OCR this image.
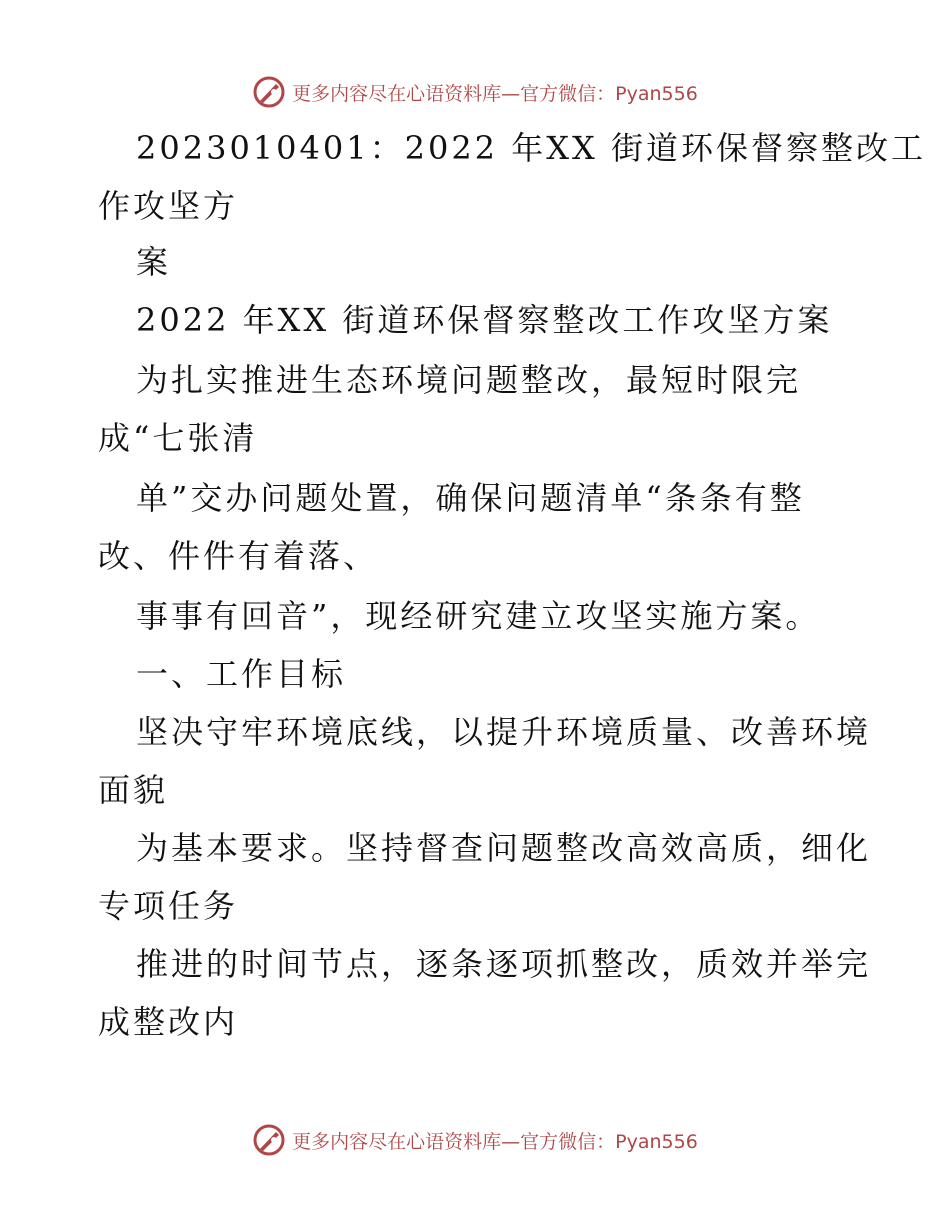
更多内容尽在心语资料库—官方微信：Pyan556
2023010401：2022 年XX 街道环保督察整改工
作攻坚方
案
2022 年XX 街道环保督察整改工作攻坚方案
为扎实推进生态环境问题整改，最短时限完
成“七张清
单”交办问题处置，确保问题清单“条条有整
改、件件有着落、
事事有回音”，现经研究建立攻坚实施方案。
一、工作目标
坚决守牢环境底线，以提升环境质量、改善环境
面貌
为基本要求。坚持督查问题整改高效高质，细化
专项任务
推进的时间节点，逐条逐项抓整改，质效并举完
成整改内
更多内容尽在心语资料库—官方微信：Pyan556
